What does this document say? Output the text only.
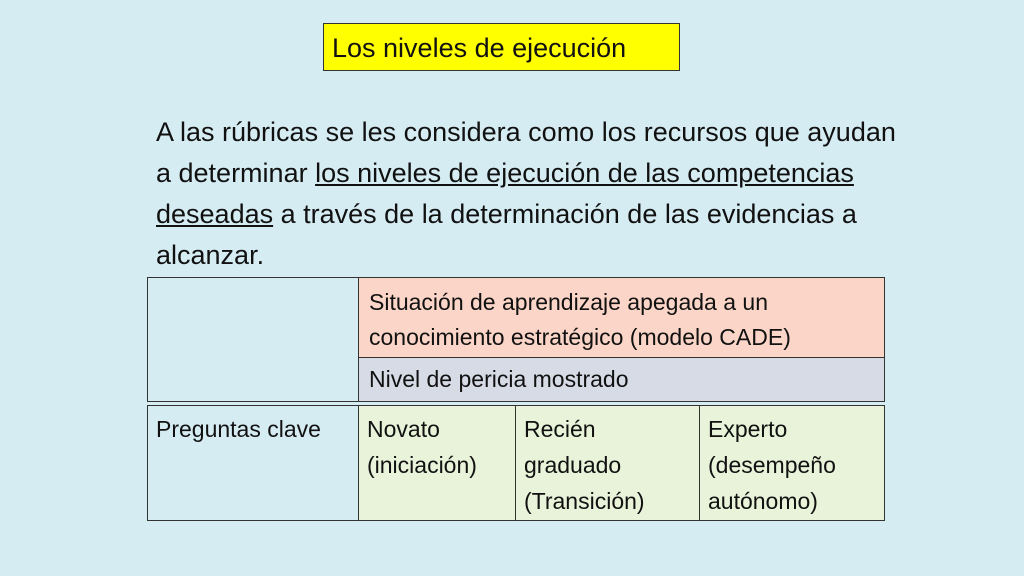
Los niveles de ejecución
A las rúbricas se les considera como los recursos que ayudan a determinar los niveles de ejecución de las competencias deseadas a través de la determinación de las evidencias a alcanzar.
Situación de aprendizaje apegada a un
conocimiento estratégico (modelo CADE)
Nivel de pericia mostrado
Preguntas clave	Novato
(iniciación)
Recién
graduado
(Transición)
Experto
(desempeño
autónomo)
